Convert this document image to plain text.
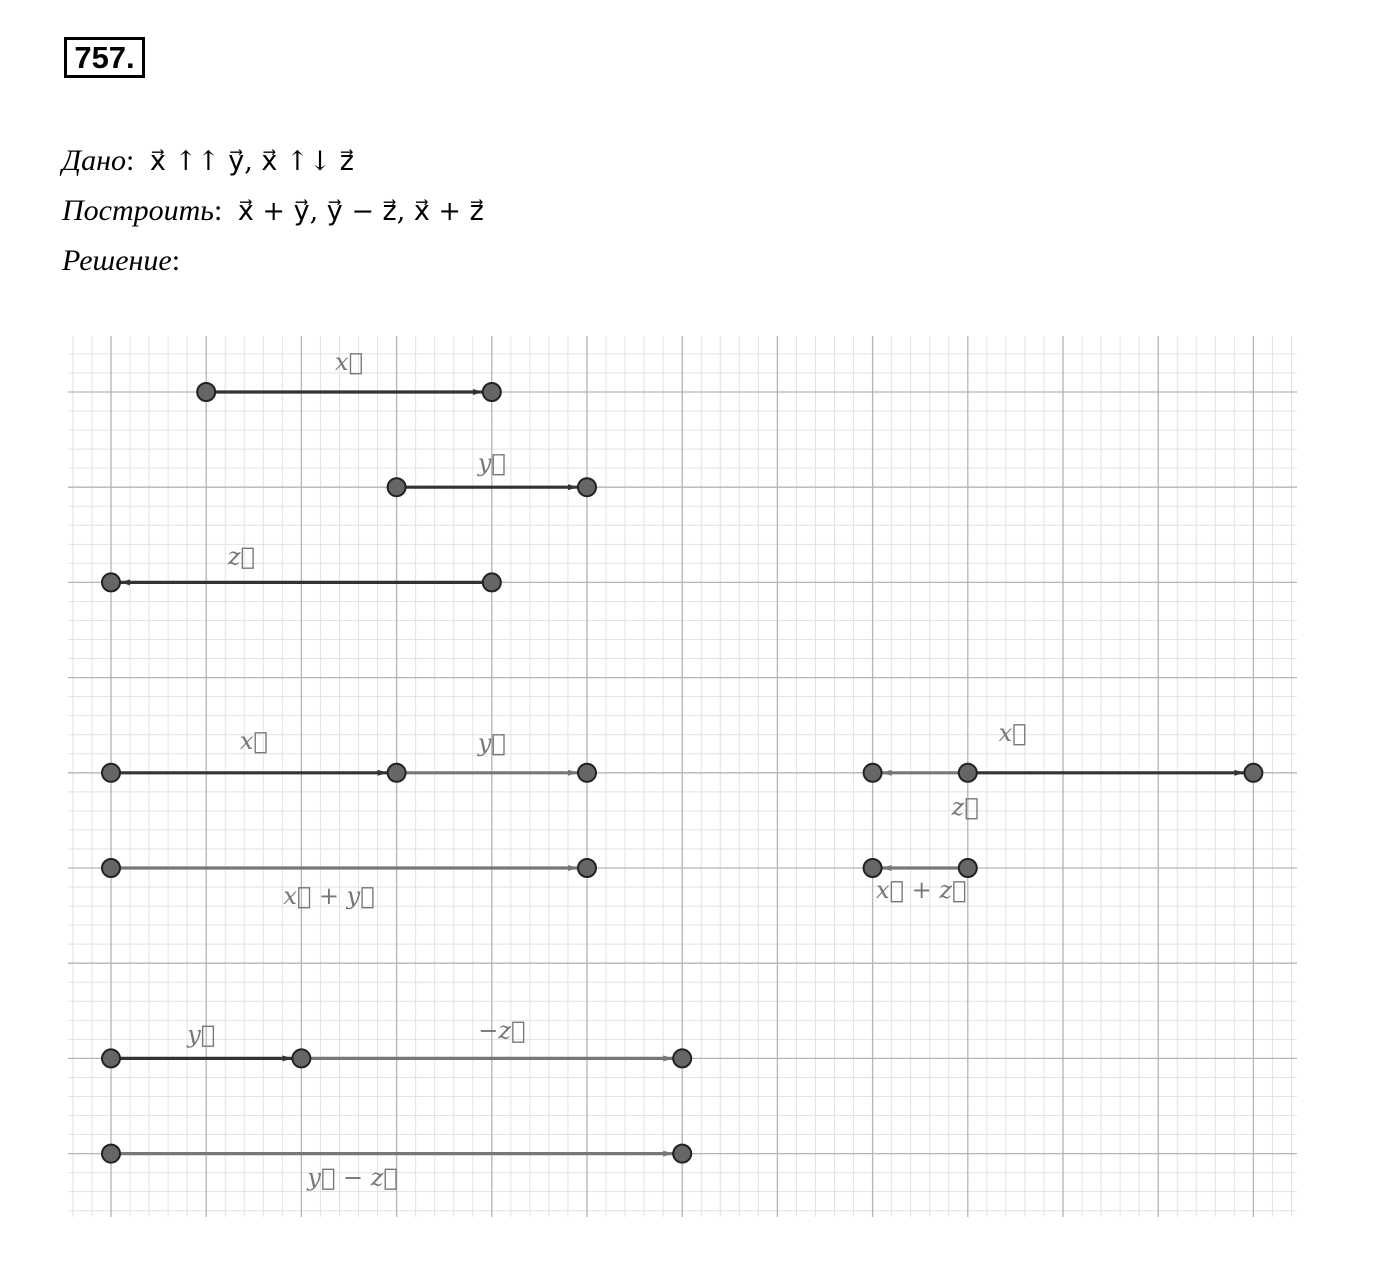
757.
Дано: x⃗ ↑↑ y⃗, x⃗ ↑↓ z⃗
Построить: x⃗ + y⃗, y⃗ − z⃗, x⃗ + z⃗
Решение:
x⃗
y⃗
z⃗
x⃗	y⃗
x⃗ + y⃗
y⃗	−z⃗
y⃗ − z⃗
x⃗
z⃗
x⃗ + z⃗
